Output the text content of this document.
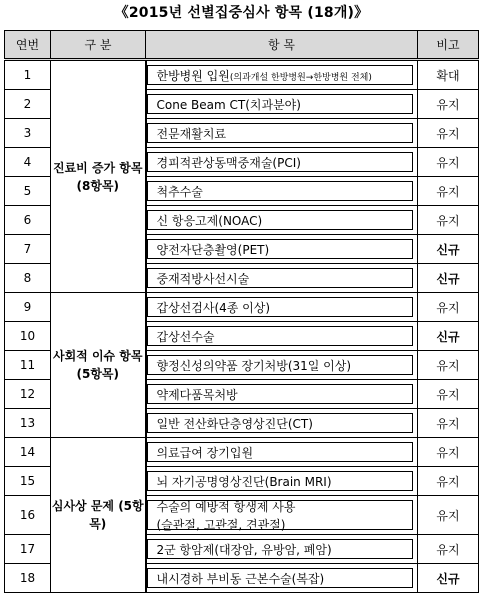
《2015년 선별집중심사 항목 (18개)》
연번	구 분	항 목	비고
1	진료비 증가 항목(8항목)	한방병원 입원(의과개설 한방병원→한방병원 전체)	확대
2		Cone Beam CT(치과분야)	유지
3		전문재활치료	유지
4		경피적관상동맥중재술(PCI)	유지
5		척추수술	유지
6		신 항응고제(NOAC)	유지
7		양전자단층촬영(PET)	신규
8		중재적방사선시술	신규
9	사회적 이슈 항목(5항목)	갑상선검사(4종 이상)	유지
10		갑상선수술	신규
11		향정신성의약품 장기처방(31일 이상)	유지
12		약제다품목처방	유지
13		일반 전산화단층영상진단(CT)	유지
14	심사상 문제 (5항목)	의료급여 장기입원	유지
15		뇌 자기공명영상진단(Brain MRI)	유지
16		수술의 예방적 항생제 사용
(슬관절, 고관절, 견관절)	유지
17		2군 항암제(대장암, 유방암, 폐암)	유지
18		내시경하 부비동 근본수술(복잡)	신규
